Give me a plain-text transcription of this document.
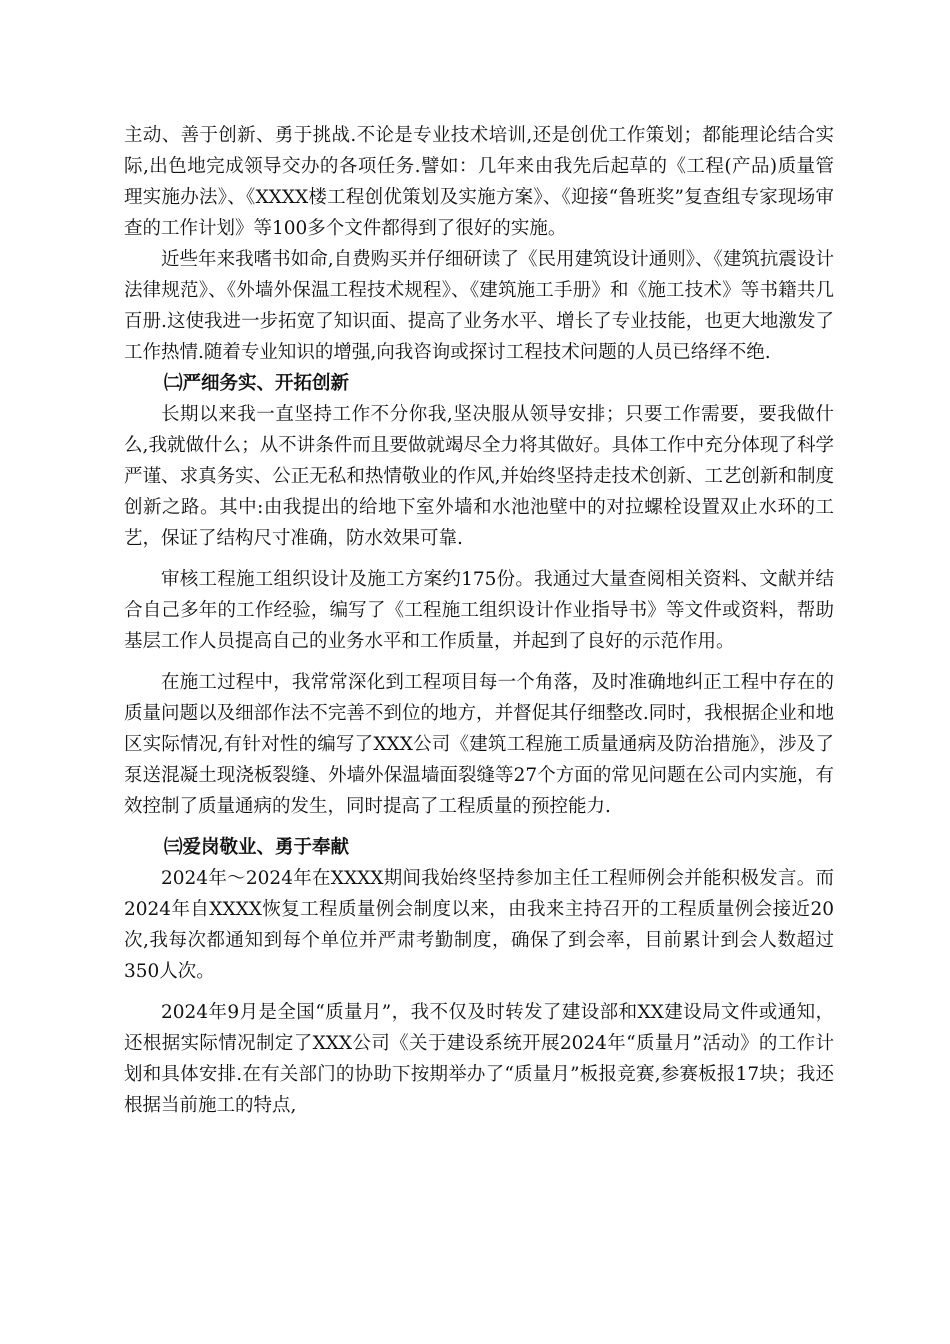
主动、善于创新、勇于挑战.不论是专业技术培训,还是创优工作策划；都能理论结合实际,出色地完成领导交办的各项任务.譬如：几年来由我先后起草的《工程(产品)质量管理实施办法》、《XXXX楼工程创优策划及实施方案》、《迎接“鲁班奖”复查组专家现场审查的工作计划》等100多个文件都得到了很好的实施。

近些年来我嗜书如命,自费购买并仔细研读了《民用建筑设计通则》、《建筑抗震设计法律规范》、《外墙外保温工程技术规程》、《建筑施工手册》和《施工技术》等书籍共几百册.这使我进一步拓宽了知识面、提高了业务水平、增长了专业技能，也更大地激发了工作热情.随着专业知识的增强,向我咨询或探讨工程技术问题的人员已络绎不绝.

㈡严细务实、开拓创新

长期以来我一直坚持工作不分你我,坚决服从领导安排；只要工作需要，要我做什么,我就做什么；从不讲条件而且要做就竭尽全力将其做好。具体工作中充分体现了科学严谨、求真务实、公正无私和热情敬业的作风,并始终坚持走技术创新、工艺创新和制度创新之路。其中:由我提出的给地下室外墙和水池池壁中的对拉螺栓设置双止水环的工艺，保证了结构尺寸准确，防水效果可靠.

审核工程施工组织设计及施工方案约175份。我通过大量查阅相关资料、文献并结合自己多年的工作经验，编写了《工程施工组织设计作业指导书》等文件或资料，帮助基层工作人员提高自己的业务水平和工作质量，并起到了良好的示范作用。

在施工过程中，我常常深化到工程项目每一个角落，及时准确地纠正工程中存在的质量问题以及细部作法不完善不到位的地方，并督促其仔细整改.同时，我根据企业和地区实际情况,有针对性的编写了XXX公司《建筑工程施工质量通病及防治措施》，涉及了泵送混凝土现浇板裂缝、外墙外保温墙面裂缝等27个方面的常见问题在公司内实施，有效控制了质量通病的发生，同时提高了工程质量的预控能力.

㈢爱岗敬业、勇于奉献

2024年～2024年在XXXX期间我始终坚持参加主任工程师例会并能积极发言。而2024年自XXXX恢复工程质量例会制度以来，由我来主持召开的工程质量例会接近20次,我每次都通知到每个单位并严肃考勤制度，确保了到会率，目前累计到会人数超过350人次。

2024年9月是全国“质量月”，我不仅及时转发了建设部和XX建设局文件或通知，还根据实际情况制定了XXX公司《关于建设系统开展2024年“质量月”活动》的工作计划和具体安排.在有关部门的协助下按期举办了“质量月”板报竞赛,参赛板报17块；我还根据当前施工的特点,
